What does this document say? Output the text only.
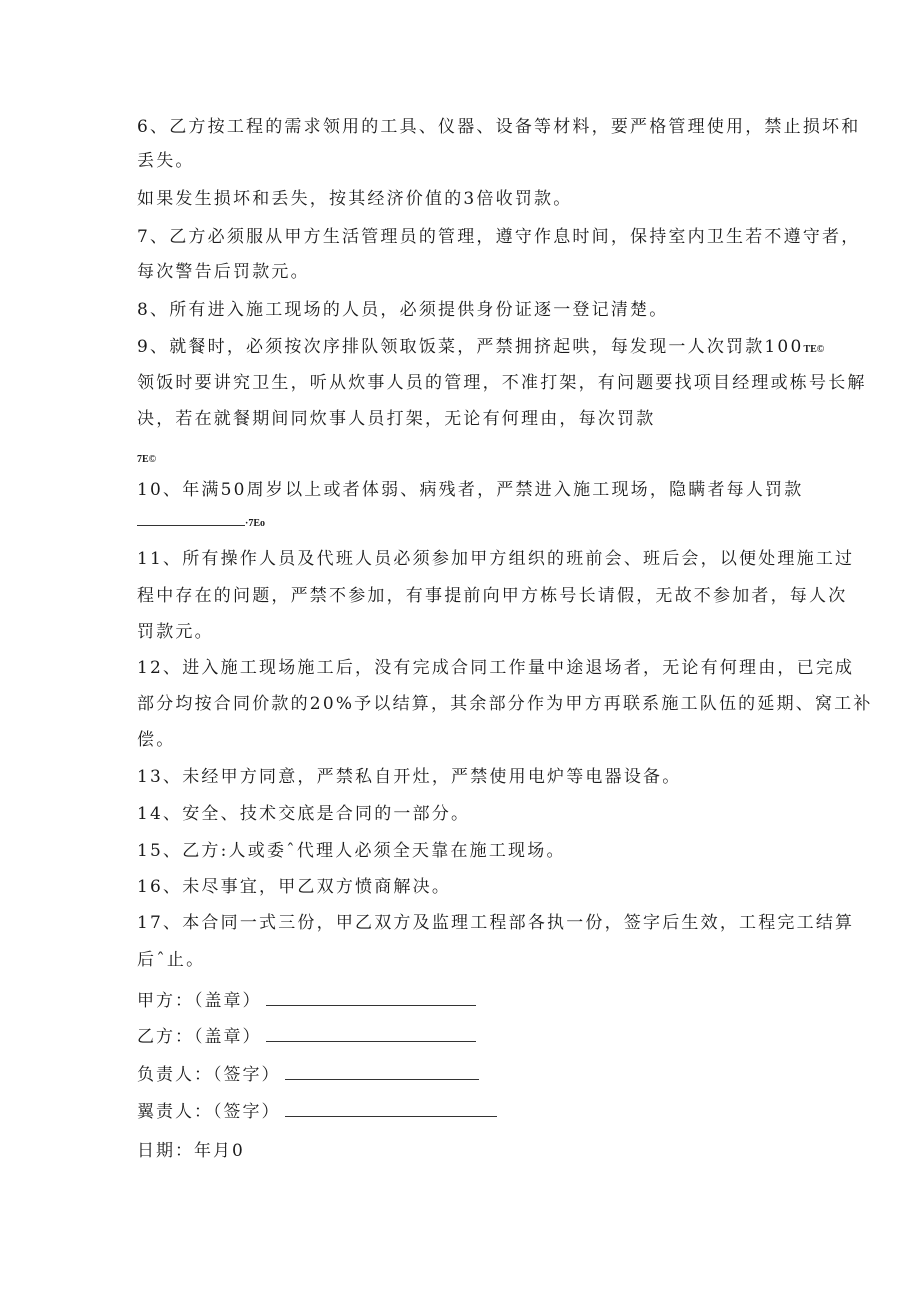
6、乙方按工程的需求领用的工具、仪器、设备等材料，要严格管理使用，禁止损坏和
丢失。
如果发生损坏和丢失，按其经济价值的3倍收罚款。
7、乙方必须服从甲方生活管理员的管理，遵守作息时间，保持室内卫生若不遵守者，
每次警告后罚款元。
8、所有进入施工现场的人员，必须提供身份证逐一登记清楚。
9、就餐时，必须按次序排队领取饭菜，严禁拥挤起哄，每发现一人次罚款100TE©
领饭时要讲究卫生，听从炊事人员的管理，不准打架，有问题要找项目经理或栋号长解
决，若在就餐期间同炊事人员打架，无论有何理由，每次罚款
7E©
10、年满50周岁以上或者体弱、病残者，严禁进入施工现场，隐瞒者每人罚款
·7Eo
11、所有操作人员及代班人员必须参加甲方组织的班前会、班后会，以便处理施工过
程中存在的问题，严禁不参加，有事提前向甲方栋号长请假，无故不参加者，每人次
罚款元。
12、进入施工现场施工后，没有完成合同工作量中途退场者，无论有何理由，已完成
部分均按合同价款的20%予以结算，其余部分作为甲方再联系施工队伍的延期、窝工补
偿。
13、未经甲方同意，严禁私自开灶，严禁使用电炉等电器设备。
14、安全、技术交底是合同的一部分。
15、乙方:人或委ˆ代理人必须全天靠在施工现场。
16、未尽事宜，甲乙双方愤商解决。
17、本合同一式三份，甲乙双方及监理工程部各执一份，签字后生效，工程完工结算
后ˆ止。
甲方：（盖章）
乙方：（盖章）
负责人：（签字）
翼责人：（签字）
日期：年月0
